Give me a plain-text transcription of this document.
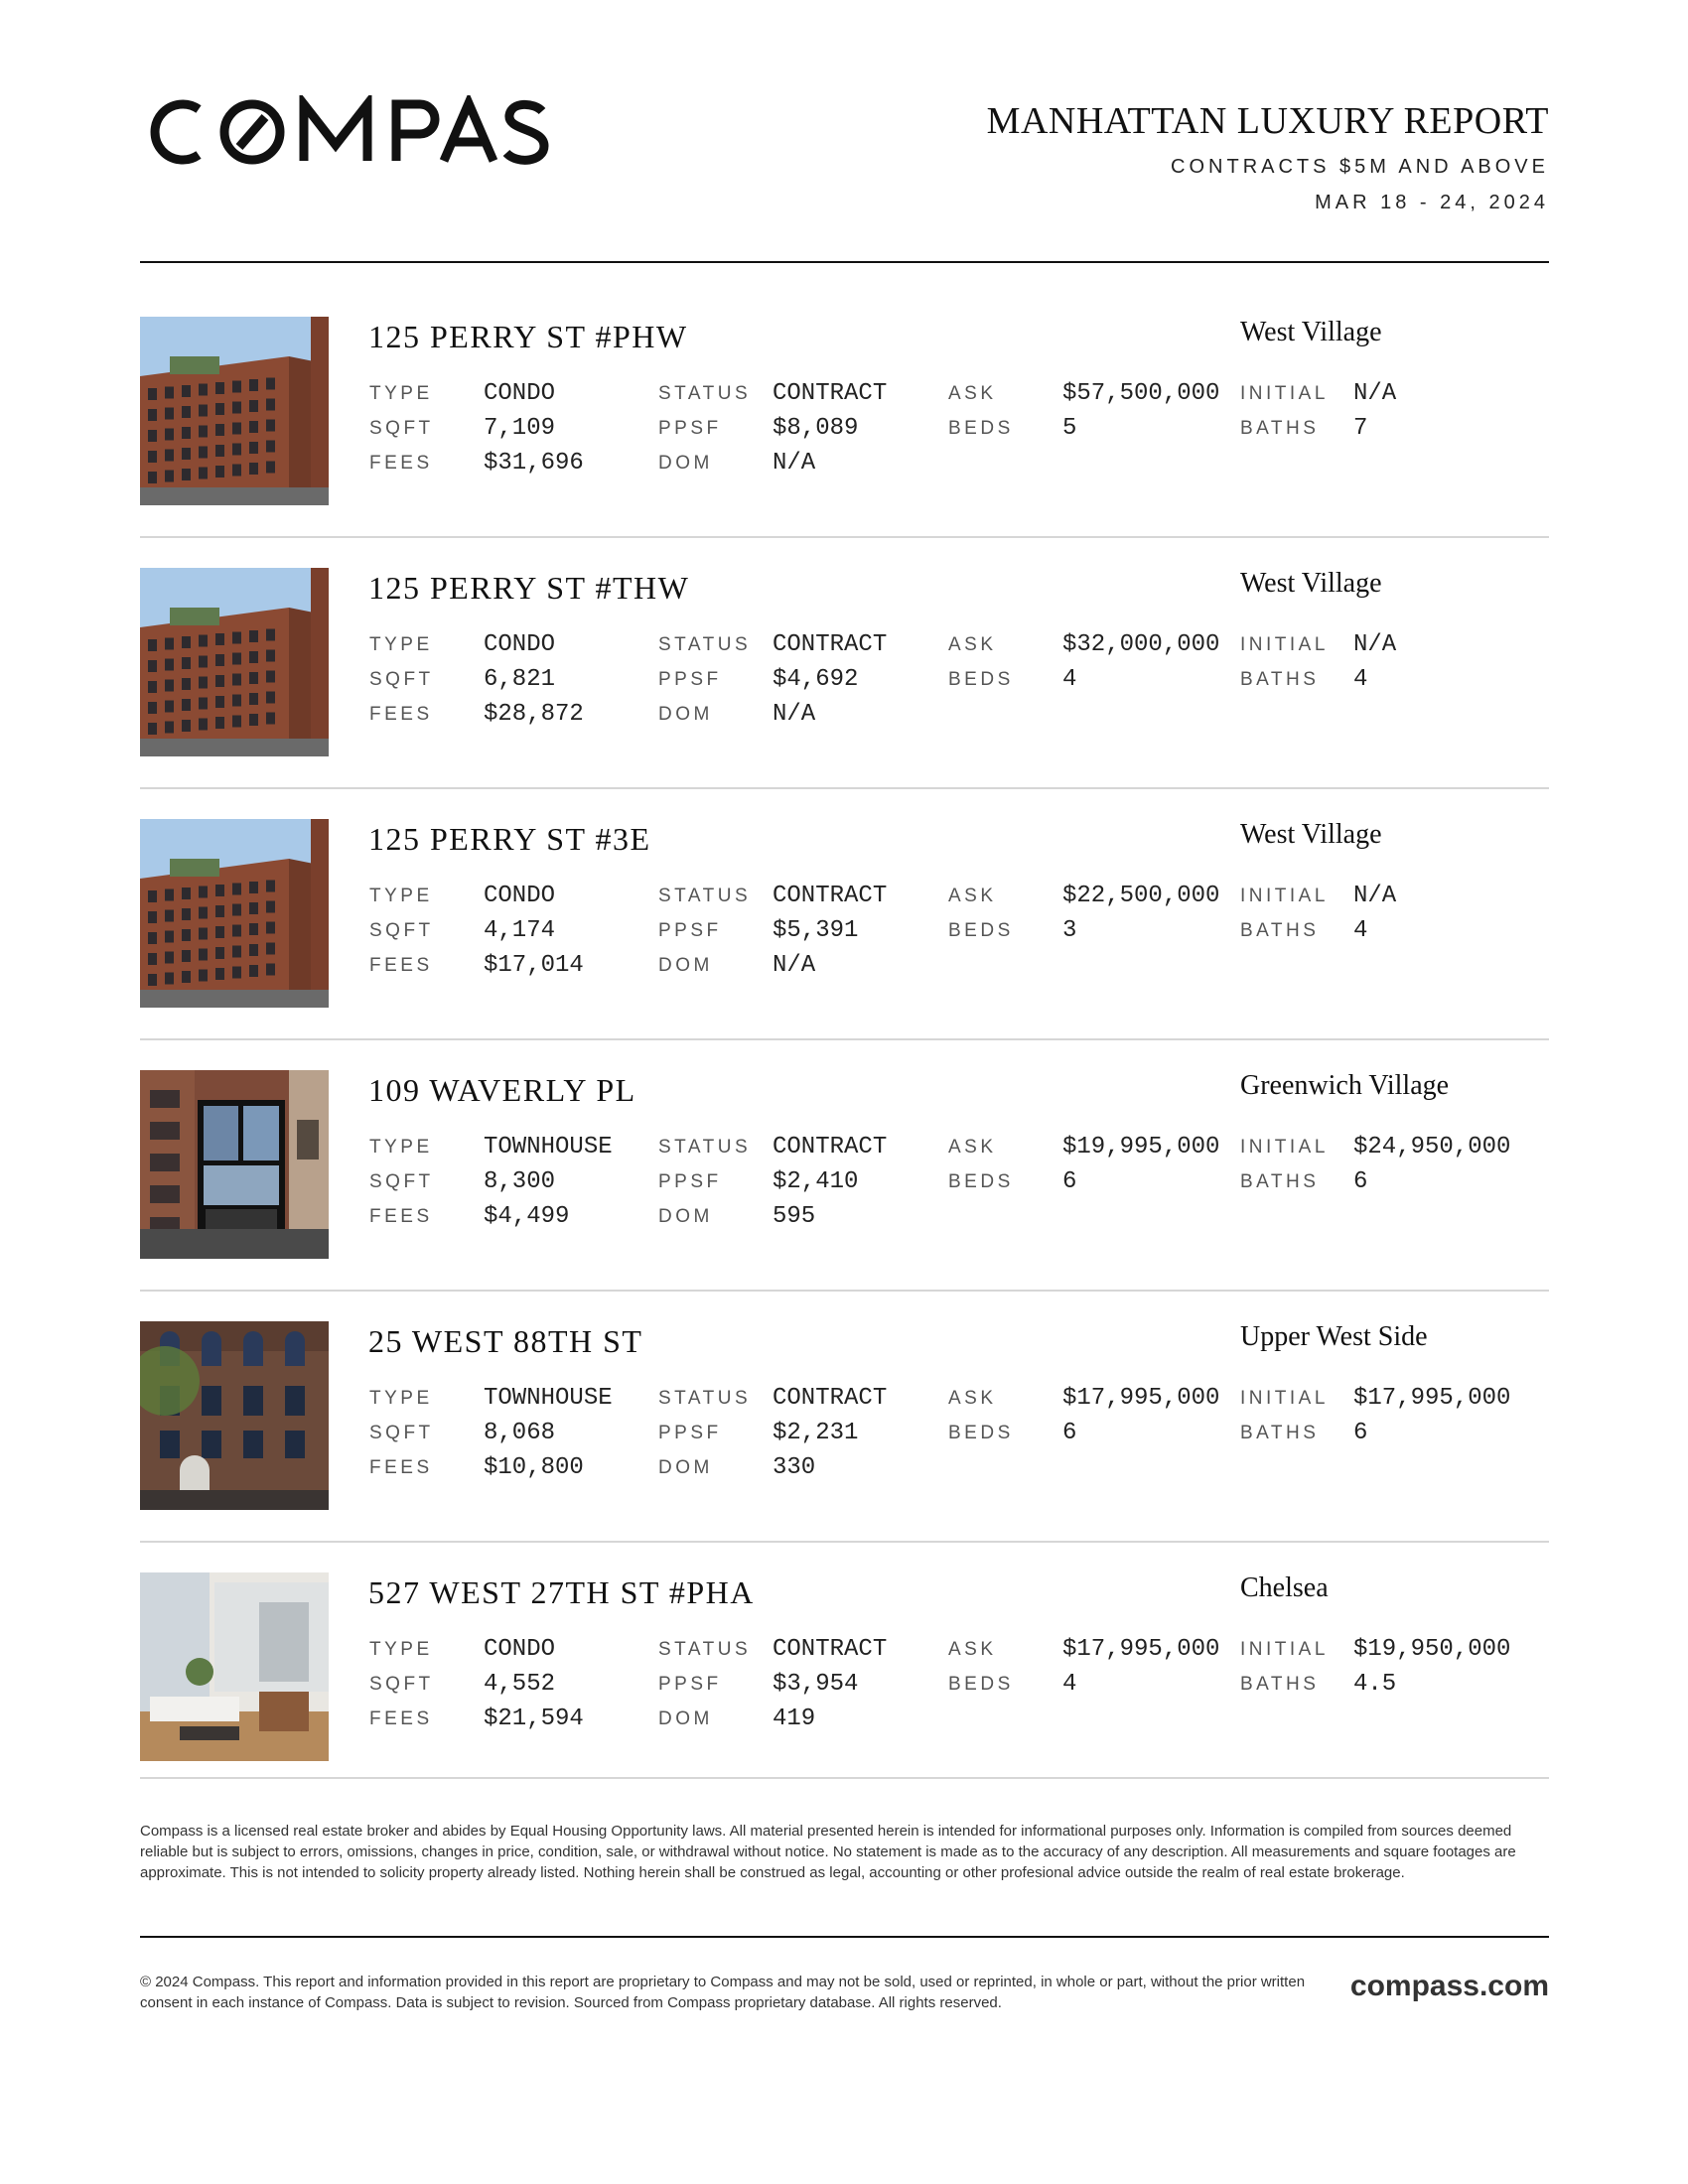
COMPASS
MANHATTAN LUXURY REPORT
CONTRACTS $5M AND ABOVE
MAR 18 - 24, 2024
125 PERRY ST #PHW	West Village
TYPE CONDO	STATUS CONTRACT	ASK	$57,500,000 INITIAL N/A
SQFT 7,109	PPSF $8,089	BEDS 5	BATHS 7
FEES $31,696	DOM	N/A
125 PERRY ST #THW	West Village
TYPE CONDO	STATUS CONTRACT	ASK	$32,000,000 INITIAL N/A
SQFT 6,821	PPSF $4,692	BEDS 4	BATHS 4
FEES $28,872	DOM	N/A
125 PERRY ST #3E	West Village
TYPE CONDO	STATUS CONTRACT	ASK	$22,500,000 INITIAL N/A
SQFT 4,174	PPSF $5,391	BEDS 3	BATHS 4
FEES $17,014	DOM	N/A
109 WAVERLY PL	Greenwich Village
TYPE TOWNHOUSE STATUS CONTRACT	ASK	$19,995,000 INITIAL $24,950,000
SQFT 8,300	PPSF $2,410	BEDS 6	BATHS 6
FEES $4,499	DOM	595
25 WEST 88TH ST	Upper West Side
TYPE TOWNHOUSE STATUS CONTRACT	ASK	$17,995,000 INITIAL $17,995,000
SQFT 8,068	PPSF $2,231	BEDS 6	BATHS 6
FEES $10,800	DOM	330
527 WEST 27TH ST #PHA	Chelsea
TYPE CONDO	STATUS CONTRACT	ASK	$17,995,000 INITIAL $19,950,000
SQFT 4,552	PPSF $3,954	BEDS 4	BATHS 4.5
FEES $21,594	DOM	419
Compass is a licensed real estate broker and abides by Equal Housing Opportunity laws. All material presented herein is intended for informational purposes only. Information is compiled from sources deemed reliable but is subject to errors, omissions, changes in price, condition, sale, or withdrawal without notice. No statement is made as to the accuracy of any description. All measurements and square footages are approximate. This is not intended to solicity property already listed. Nothing herein shall be construed as legal, accounting or other profesional advice outside the realm of real estate brokerage.
© 2024 Compass. This report and information provided in this report are proprietary to Compass and may not be sold, used or reprinted, in whole or part, without the prior written consent in each instance of Compass. Data is subject to revision. Sourced from Compass proprietary database. All rights reserved.
compass.com
